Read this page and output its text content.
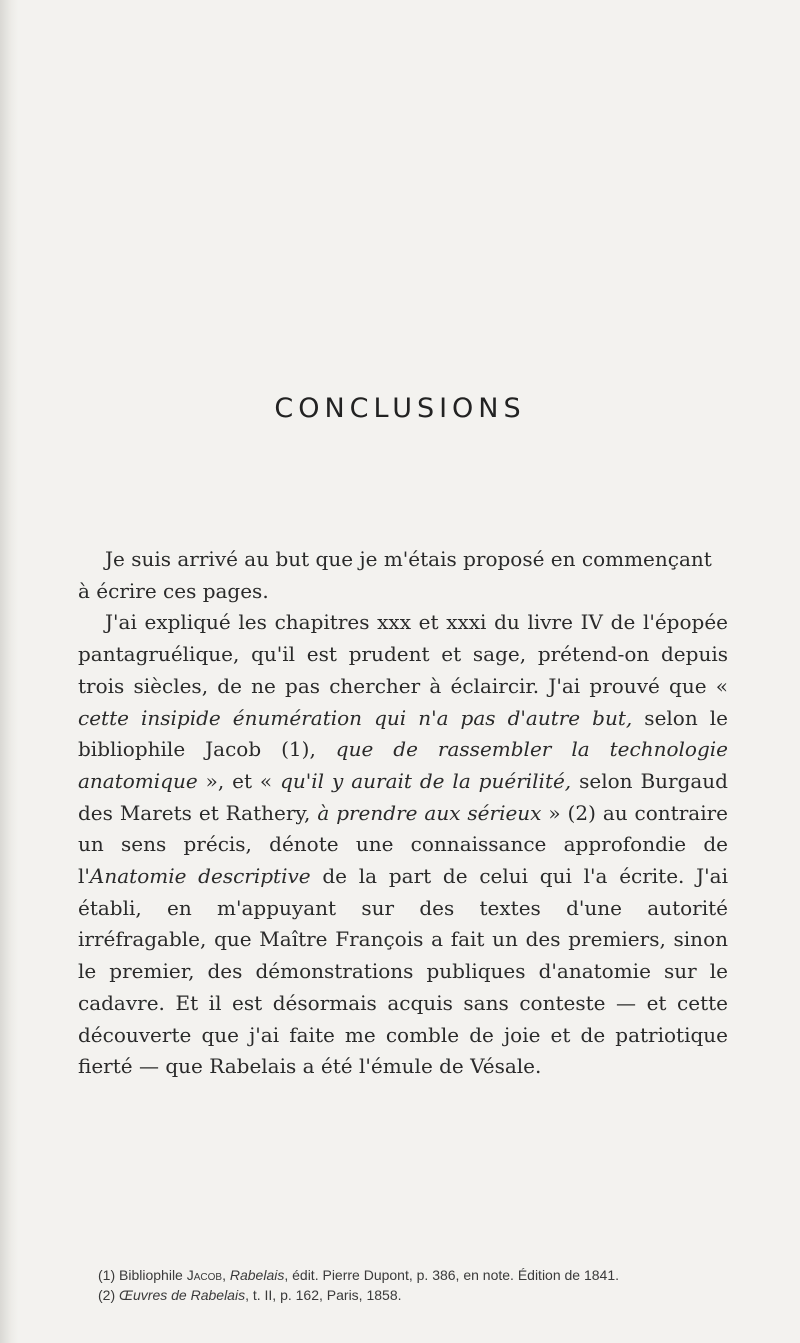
CONCLUSIONS

Je suis arrivé au but que je m'étais proposé en commençant à écrire ces pages.

J'ai expliqué les chapitres xxx et xxxi du livre IV de l'épopée pantagruélique, qu'il est prudent et sage, prétend-on depuis trois siècles, de ne pas chercher à éclaircir. J'ai prouvé que « cette insipide énumération qui n'a pas d'autre but, selon le bibliophile Jacob (1), que de rassembler la technologie anatomique », et « qu'il y aurait de la puérilité, selon Burgaud des Marets et Rathery, à prendre aux sérieux » (2) au contraire un sens précis, dénote une connaissance approfondie de l'Anatomie descriptive de la part de celui qui l'a écrite. J'ai établi, en m'appuyant sur des textes d'une autorité irréfragable, que Maître François a fait un des premiers, sinon le premier, des démonstrations publiques d'anatomie sur le cadavre. Et il est désormais acquis sans conteste — et cette découverte que j'ai faite me comble de joie et de patriotique fierté — que Rabelais a été l'émule de Vésale.

(1) Bibliophile Jacob, Rabelais, édit. Pierre Dupont, p. 386, en note. Édition de 1841.

(2) Œuvres de Rabelais, t. II, p. 162, Paris, 1858.
